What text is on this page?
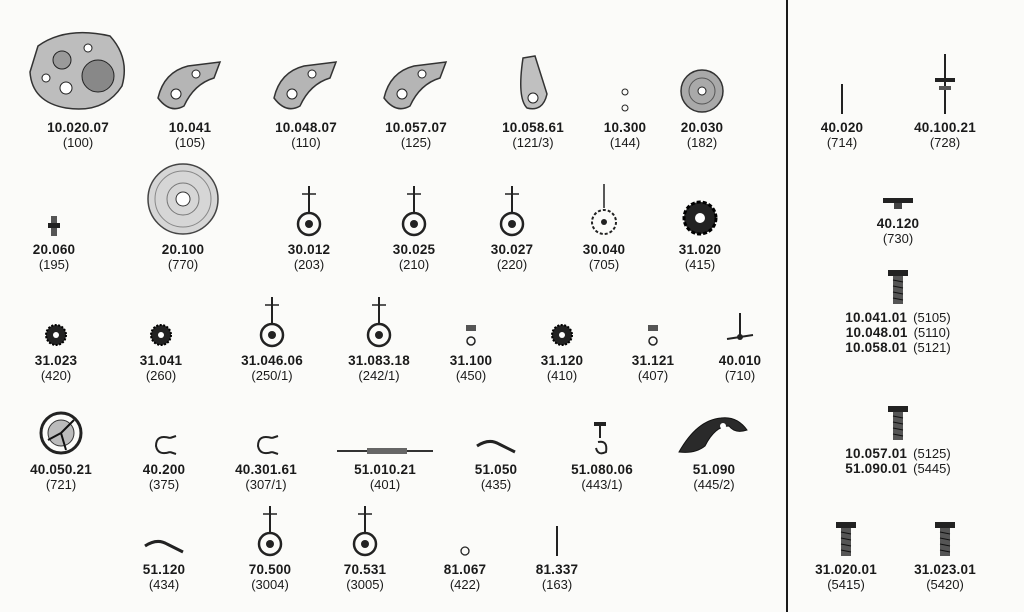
10.020.07
(100)
10.041
(105)
10.048.07
(110)
10.057.07
(125)
10.058.61
(121/3)
10.300
(144)
20.030
(182)
20.060
(195)
20.100
(770)
30.012
(203)
30.025
(210)
30.027
(220)
30.040
(705)
31.020
(415)
31.023
(420)
31.041
(260)
31.046.06
(250/1)
31.083.18
(242/1)
31.100
(450)
31.120
(410)
31.121
(407)
40.010
(710)
40.050.21
(721)
40.200
(375)
40.301.61
(307/1)
51.010.21
(401)
51.050
(435)
51.080.06
(443/1)
51.090
(445/2)
51.120
(434)
70.500
(3004)
70.531
(3005)
81.067
(422)
81.337
(163)
40.020
(714)
40.100.21
(728)
40.120
(730)
31.020.01
(5415)
31.023.01
(5420)
10.041.01 (5105)
10.048.01 (5110)
10.058.01 (5121)
10.057.01 (5125)
51.090.01 (5445)
